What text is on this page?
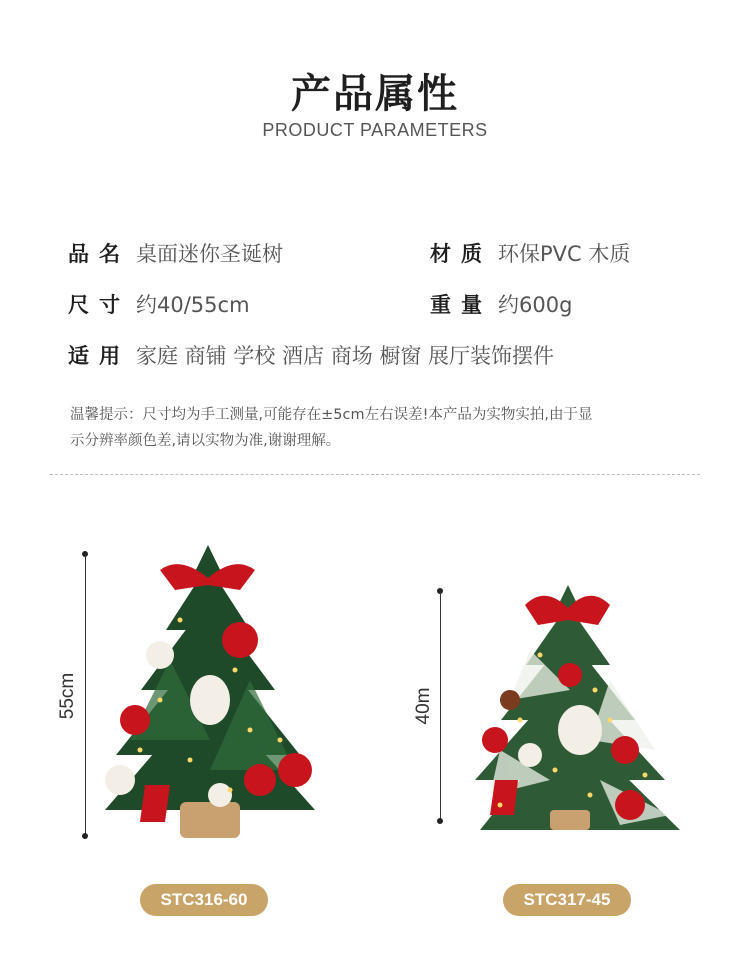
产品属性
PRODUCT PARAMETERS
品名 桌面迷你圣诞树	材质 环保PVC 木质
尺寸 约40/55cm	重量 约600g
适用 家庭 商铺 学校 酒店 商场 橱窗 展厅装饰摆件
温馨提示：尺寸均为手工测量,可能存在±5cm左右误差!本产品为实物实拍,由于显
示分辨率颜色差,请以实物为准,谢谢理解。
55cm	40m
STC316-60	STC317-45
